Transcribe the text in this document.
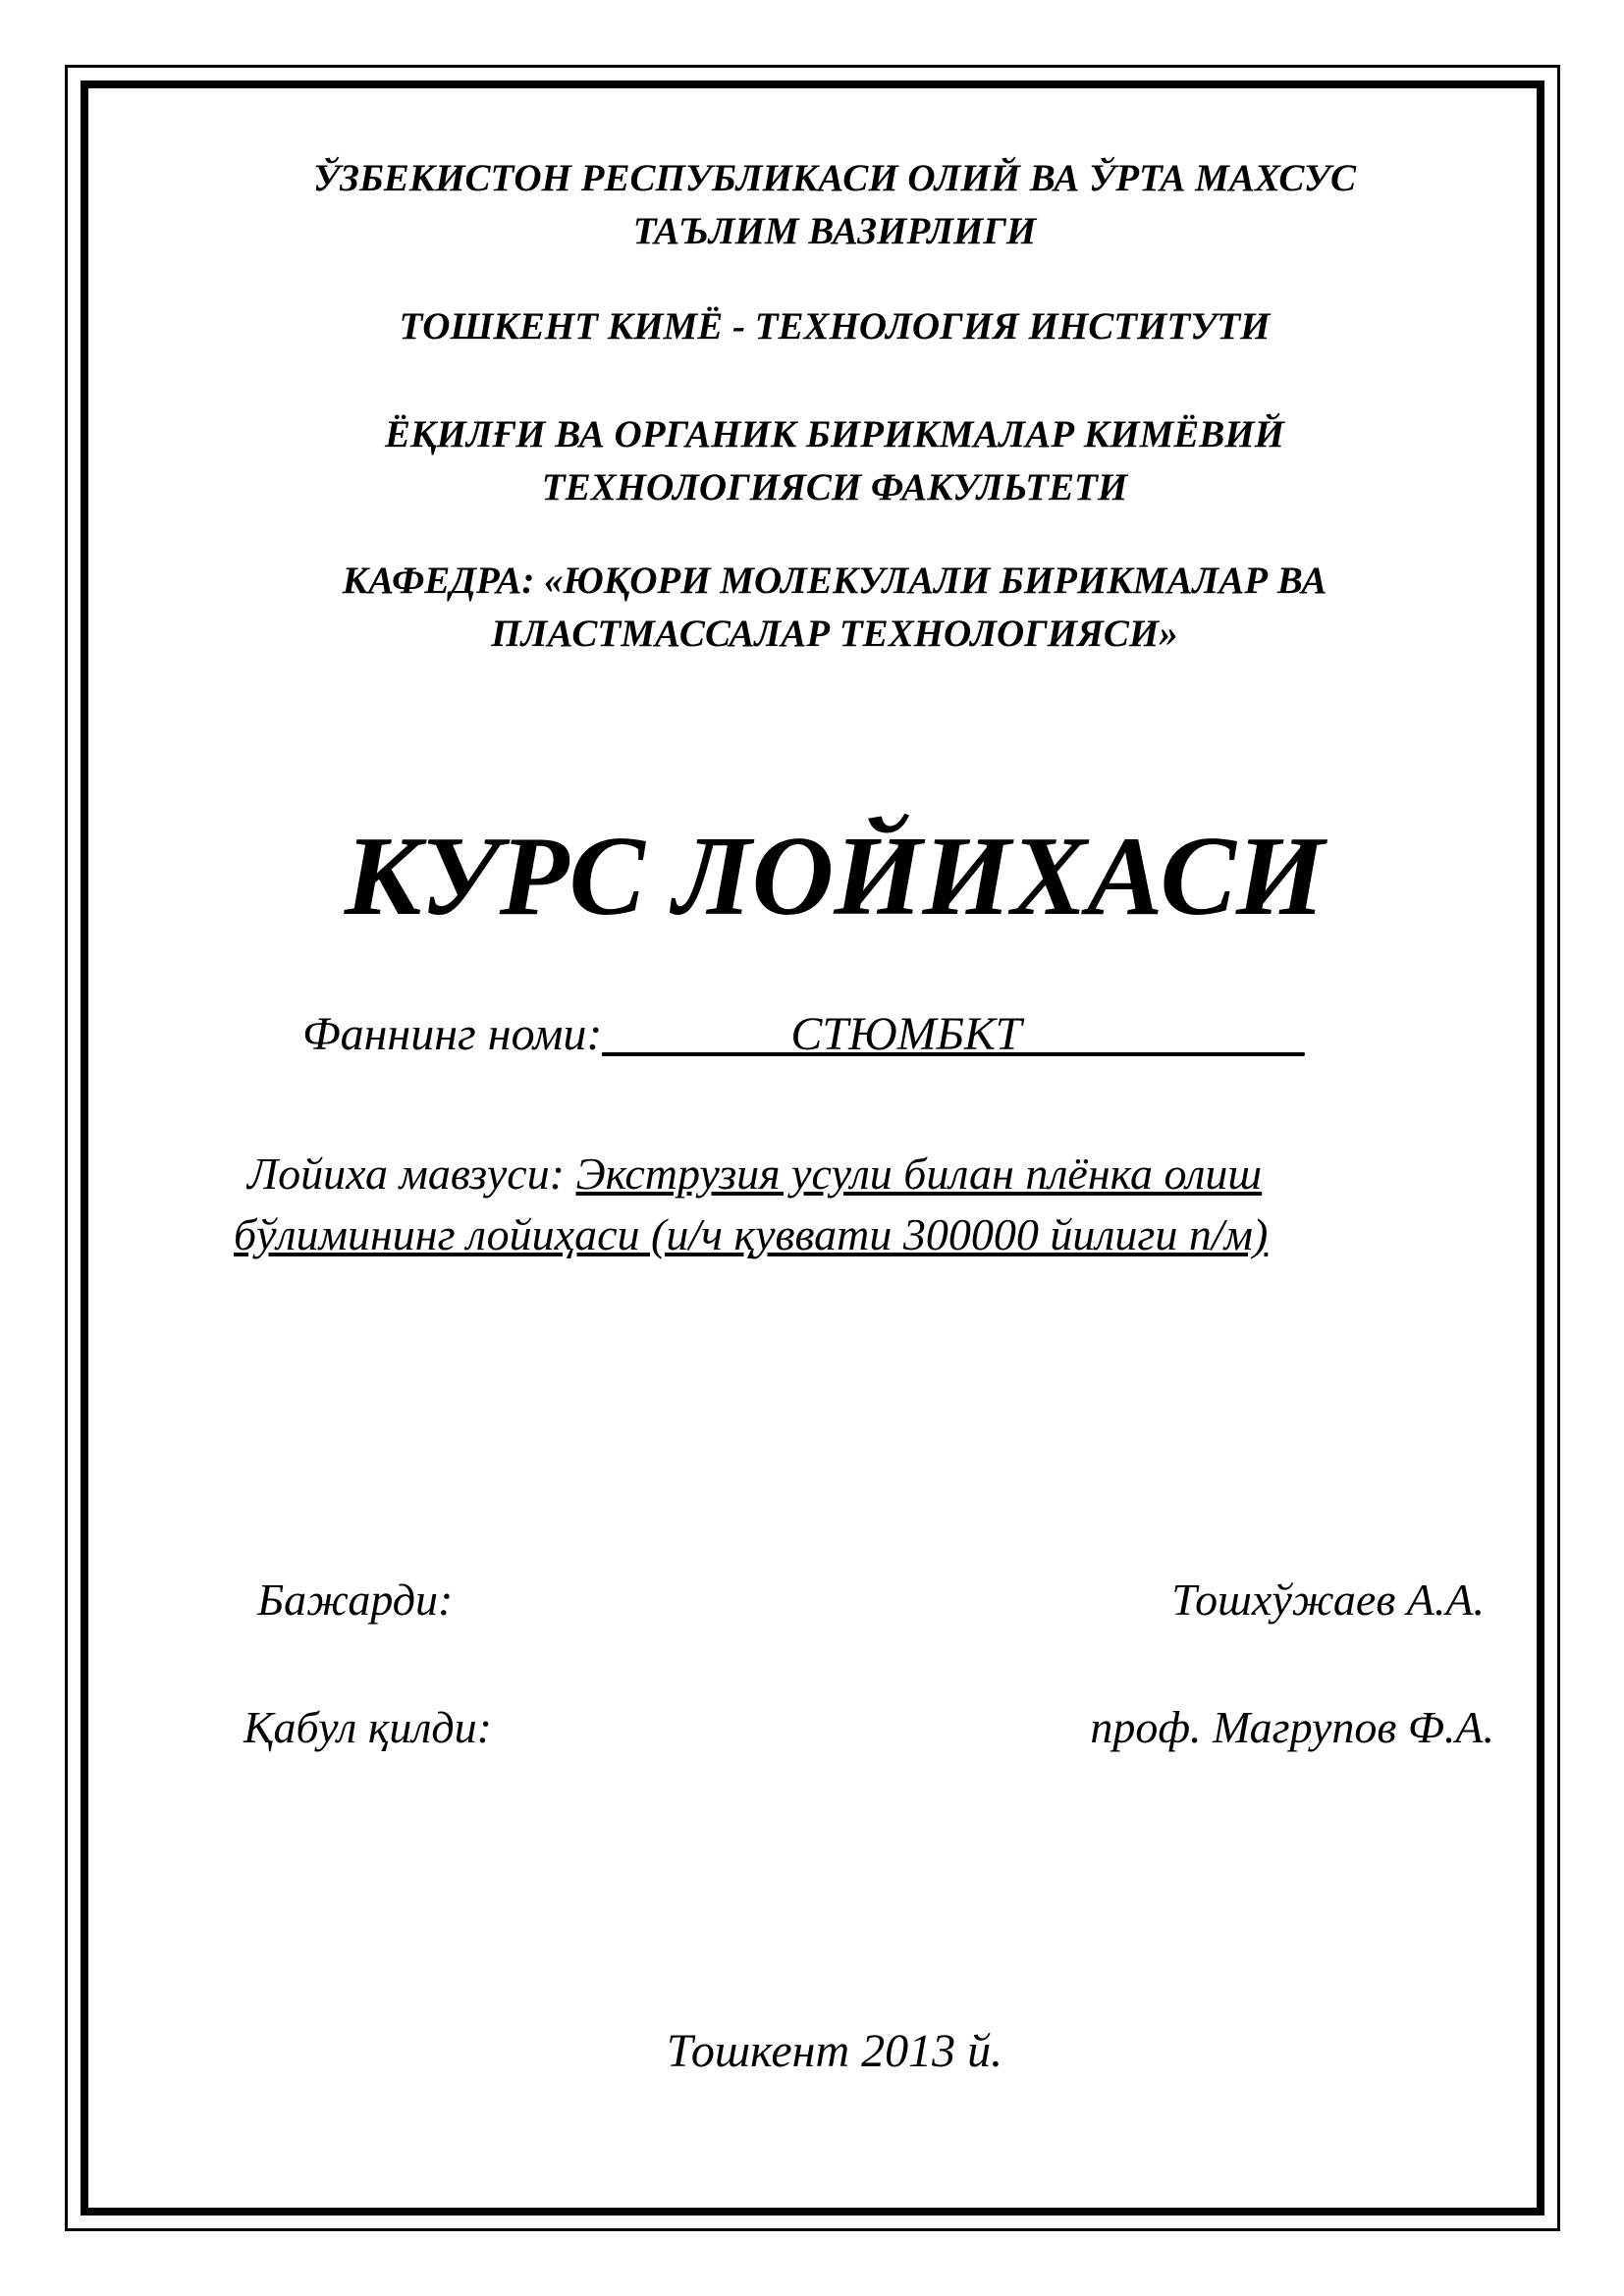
ЎЗБЕКИСТОН РЕСПУБЛИКАСИ ОЛИЙ ВА ЎРТА МАХСУС
ТАЪЛИМ ВАЗИРЛИГИ
ТОШКЕНТ КИМЁ - ТЕХНОЛОГИЯ ИНСТИТУТИ
ЁҚИЛҒИ ВА ОРГАНИК БИРИКМАЛАР КИМЁВИЙ
ТЕХНОЛОГИЯСИ ФАКУЛЬТЕТИ
КАФЕДРА: «ЮҚОРИ МОЛЕКУЛАЛИ БИРИКМАЛАР ВА
ПЛАСТМАССАЛАР ТЕХНОЛОГИЯСИ»
КУРС ЛОЙИХАСИ
Фаннинг номи:________СТЮМБКТ____________
Лойиха мавзуси: Экструзия усули билан плёнка олиш
бўлимининг лойиҳаси (и/ч қуввати 300000 йилиги п/м)
Бажарди:	Тошхўжаев А.А.
Қабул қилди:	проф. Магрупов Ф.А.
Тошкент 2013 й.
